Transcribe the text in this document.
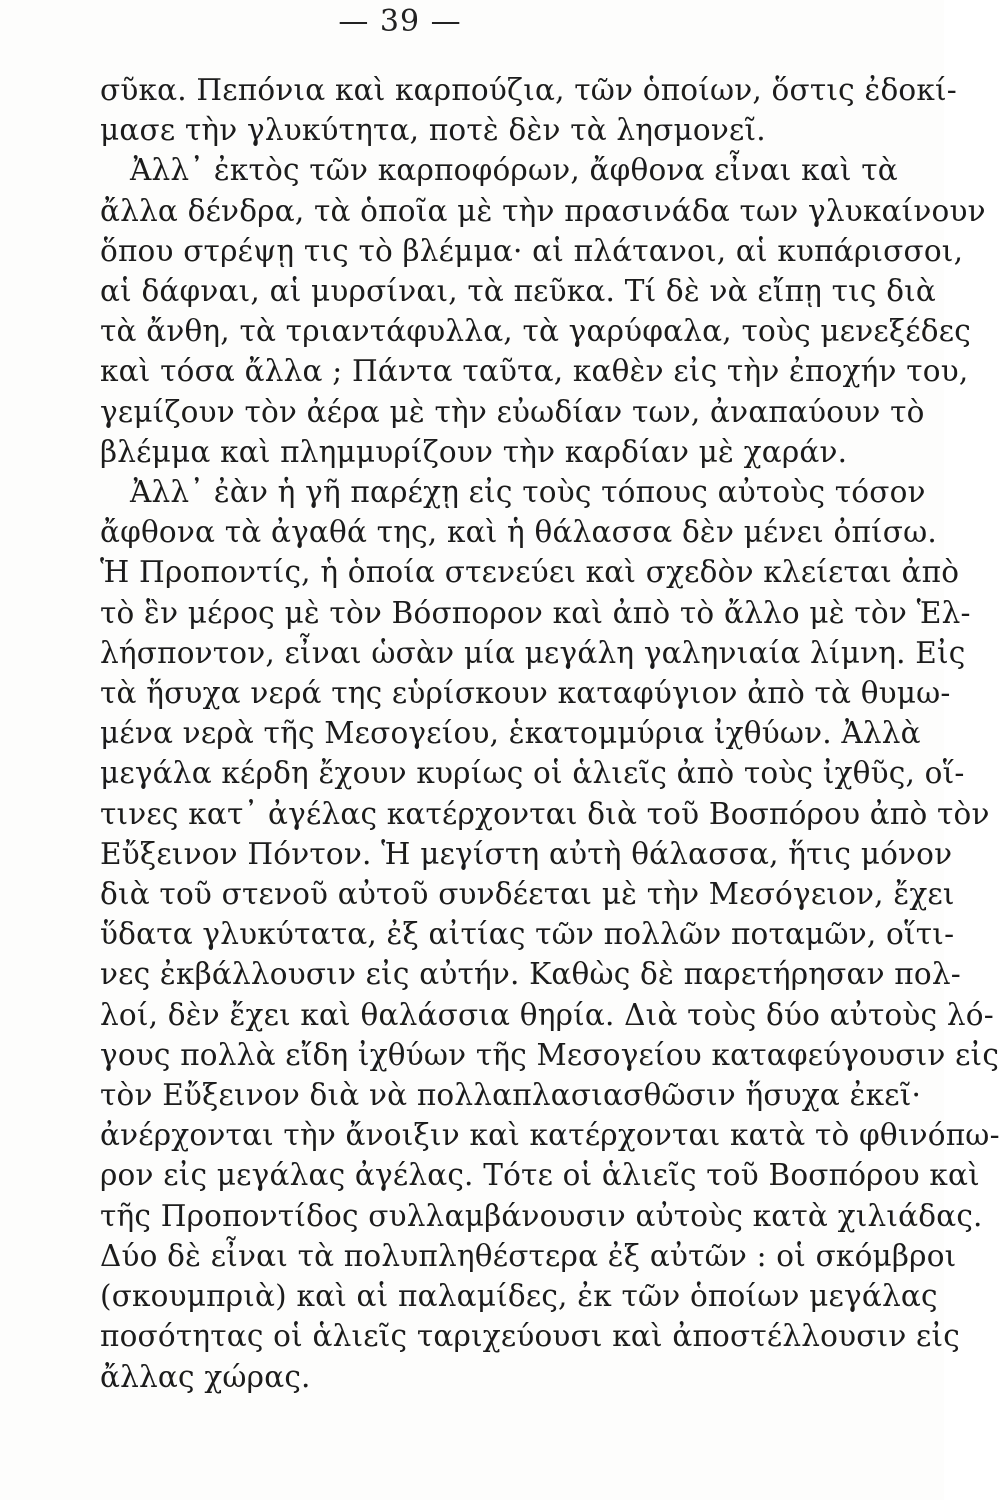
— 39 —
σῦκα. Πεπόνια καὶ καρπούζια, τῶν ὁποίων, ὅστις ἐδοκί-
μασε τὴν γλυκύτητα, ποτὲ δὲν τὰ λησμονεῖ.
Ἀλλ᾽ ἐκτὸς τῶν καρποφόρων, ἄφθονα εἶναι καὶ τὰ
ἄλλα δένδρα, τὰ ὁποῖα μὲ τὴν πρασινάδα των γλυκαίνουν
ὅπου στρέψῃ τις τὸ βλέμμα· αἱ πλάτανοι, αἱ κυπάρισσοι,
αἱ δάφναι, αἱ μυρσίναι, τὰ πεῦκα. Τί δὲ νὰ εἴπῃ τις διὰ
τὰ ἄνθη, τὰ τριαντάφυλλα, τὰ γαρύφαλα, τοὺς μενεξέδες
καὶ τόσα ἄλλα ; Πάντα ταῦτα, καθὲν εἰς τὴν ἐποχήν του,
γεμίζουν τὸν ἀέρα μὲ τὴν εὐωδίαν των, ἀναπαύουν τὸ
βλέμμα καὶ πλημμυρίζουν τὴν καρδίαν μὲ χαράν.
Ἀλλ᾽ ἐὰν ἡ γῆ παρέχῃ εἰς τοὺς τόπους αὐτοὺς τόσον
ἄφθονα τὰ ἀγαθά της, καὶ ἡ θάλασσα δὲν μένει ὀπίσω.
Ἡ Προποντίς, ἡ ὁποία στενεύει καὶ σχεδὸν κλείεται ἀπὸ
τὸ ἓν μέρος μὲ τὸν Βόσπορον καὶ ἀπὸ τὸ ἄλλο μὲ τὸν Ἑλ-
λήσποντον, εἶναι ὡσὰν μία μεγάλη γαληνιαία λίμνη. Εἰς
τὰ ἥσυχα νερά της εὑρίσκουν καταφύγιον ἀπὸ τὰ θυμω-
μένα νερὰ τῆς Μεσογείου, ἑκατομμύρια ἰχθύων. Ἀλλὰ
μεγάλα κέρδη ἔχουν κυρίως οἱ ἁλιεῖς ἀπὸ τοὺς ἰχθῦς, οἵ-
τινες κατ᾽ ἀγέλας κατέρχονται διὰ τοῦ Βοσπόρου ἀπὸ τὸν
Εὔξεινον Πόντον. Ἡ μεγίστη αὐτὴ θάλασσα, ἥτις μόνον
διὰ τοῦ στενοῦ αὐτοῦ συνδέεται μὲ τὴν Μεσόγειον, ἔχει
ὕδατα γλυκύτατα, ἐξ αἰτίας τῶν πολλῶν ποταμῶν, οἵτι-
νες ἐκβάλλουσιν εἰς αὐτήν. Καθὼς δὲ παρετήρησαν πολ-
λοί, δὲν ἔχει καὶ θαλάσσια θηρία. Διὰ τοὺς δύο αὐτοὺς λό-
γους πολλὰ εἴδη ἰχθύων τῆς Μεσογείου καταφεύγουσιν εἰς
τὸν Εὔξεινον διὰ νὰ πολλαπλασιασθῶσιν ἥσυχα ἐκεῖ·
ἀνέρχονται τὴν ἄνοιξιν καὶ κατέρχονται κατὰ τὸ φθινόπω-
ρον εἰς μεγάλας ἀγέλας. Τότε οἱ ἁλιεῖς τοῦ Βοσπόρου καὶ
τῆς Προποντίδος συλλαμβάνουσιν αὐτοὺς κατὰ χιλιάδας.
Δύο δὲ εἶναι τὰ πολυπληθέστερα ἐξ αὐτῶν : οἱ σκόμβροι
(σκουμπριὰ) καὶ αἱ παλαμίδες, ἐκ τῶν ὁποίων μεγάλας
ποσότητας οἱ ἁλιεῖς ταριχεύουσι καὶ ἀποστέλλουσιν εἰς
ἄλλας χώρας.
